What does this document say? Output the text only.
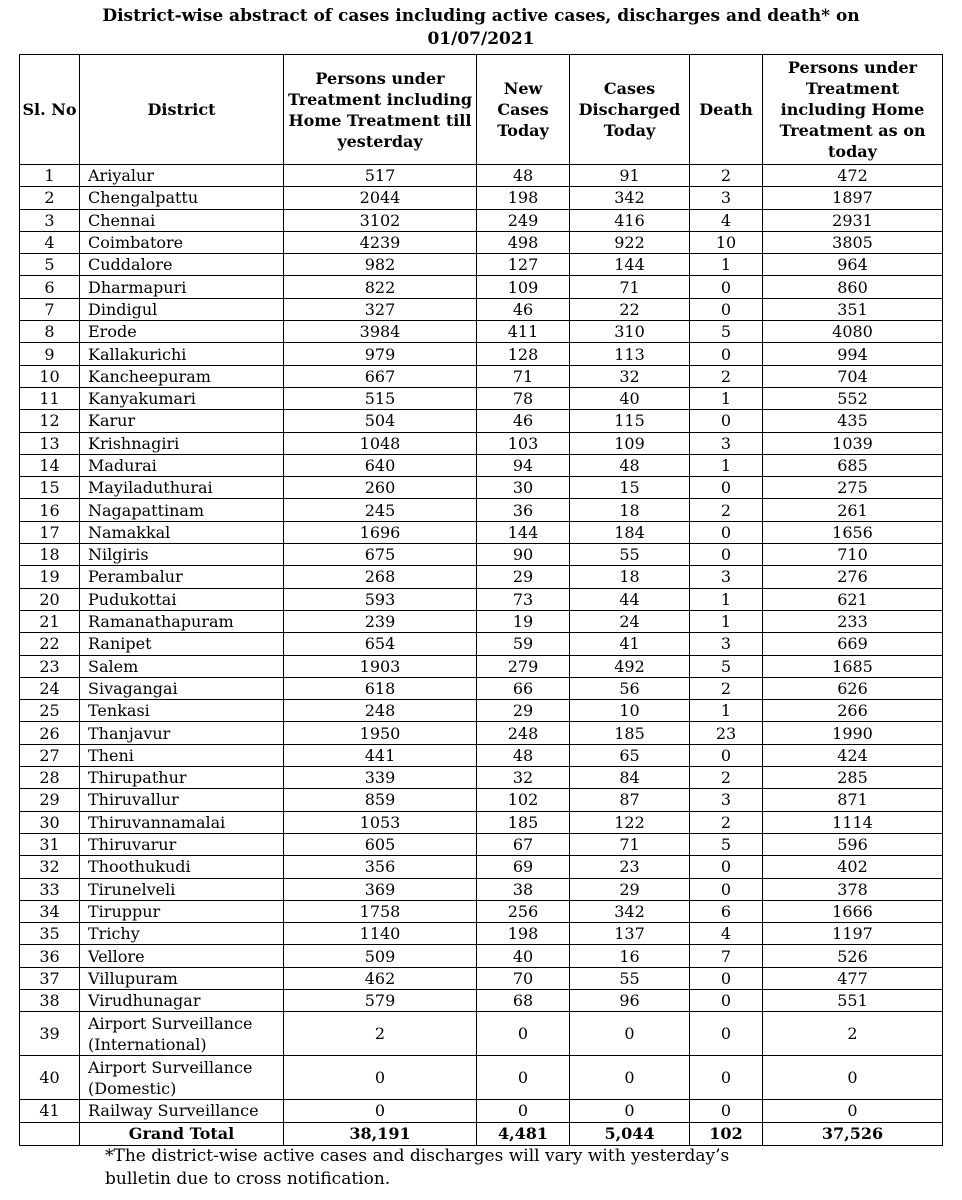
District-wise abstract of cases including active cases, discharges and death* on
01/07/2021
Sl. No	District	Persons under Treatment including Home Treatment till yesterday	New Cases Today	Cases Discharged Today	Death	Persons under Treatment including Home Treatment as on today
1	Ariyalur	517	48	91	2	472
2	Chengalpattu	2044	198	342	3	1897
3	Chennai	3102	249	416	4	2931
4	Coimbatore	4239	498	922	10	3805
5	Cuddalore	982	127	144	1	964
6	Dharmapuri	822	109	71	0	860
7	Dindigul	327	46	22	0	351
8	Erode	3984	411	310	5	4080
9	Kallakurichi	979	128	113	0	994
10	Kancheepuram	667	71	32	2	704
11	Kanyakumari	515	78	40	1	552
12	Karur	504	46	115	0	435
13	Krishnagiri	1048	103	109	3	1039
14	Madurai	640	94	48	1	685
15	Mayiladuthurai	260	30	15	0	275
16	Nagapattinam	245	36	18	2	261
17	Namakkal	1696	144	184	0	1656
18	Nilgiris	675	90	55	0	710
19	Perambalur	268	29	18	3	276
20	Pudukottai	593	73	44	1	621
21	Ramanathapuram	239	19	24	1	233
22	Ranipet	654	59	41	3	669
23	Salem	1903	279	492	5	1685
24	Sivagangai	618	66	56	2	626
25	Tenkasi	248	29	10	1	266
26	Thanjavur	1950	248	185	23	1990
27	Theni	441	48	65	0	424
28	Thirupathur	339	32	84	2	285
29	Thiruvallur	859	102	87	3	871
30	Thiruvannamalai	1053	185	122	2	1114
31	Thiruvarur	605	67	71	5	596
32	Thoothukudi	356	69	23	0	402
33	Tirunelveli	369	38	29	0	378
34	Tiruppur	1758	256	342	6	1666
35	Trichy	1140	198	137	4	1197
36	Vellore	509	40	16	7	526
37	Villupuram	462	70	55	0	477
38	Virudhunagar	579	68	96	0	551
39	Airport Surveillance (International)	2	0	0	0	2
40	Airport Surveillance (Domestic)	0	0	0	0	0
41	Railway Surveillance	0	0	0	0	0
	Grand Total	38,191	4,481	5,044	102	37,526
*The district-wise active cases and discharges will vary with yesterday’s
bulletin due to cross notification.
